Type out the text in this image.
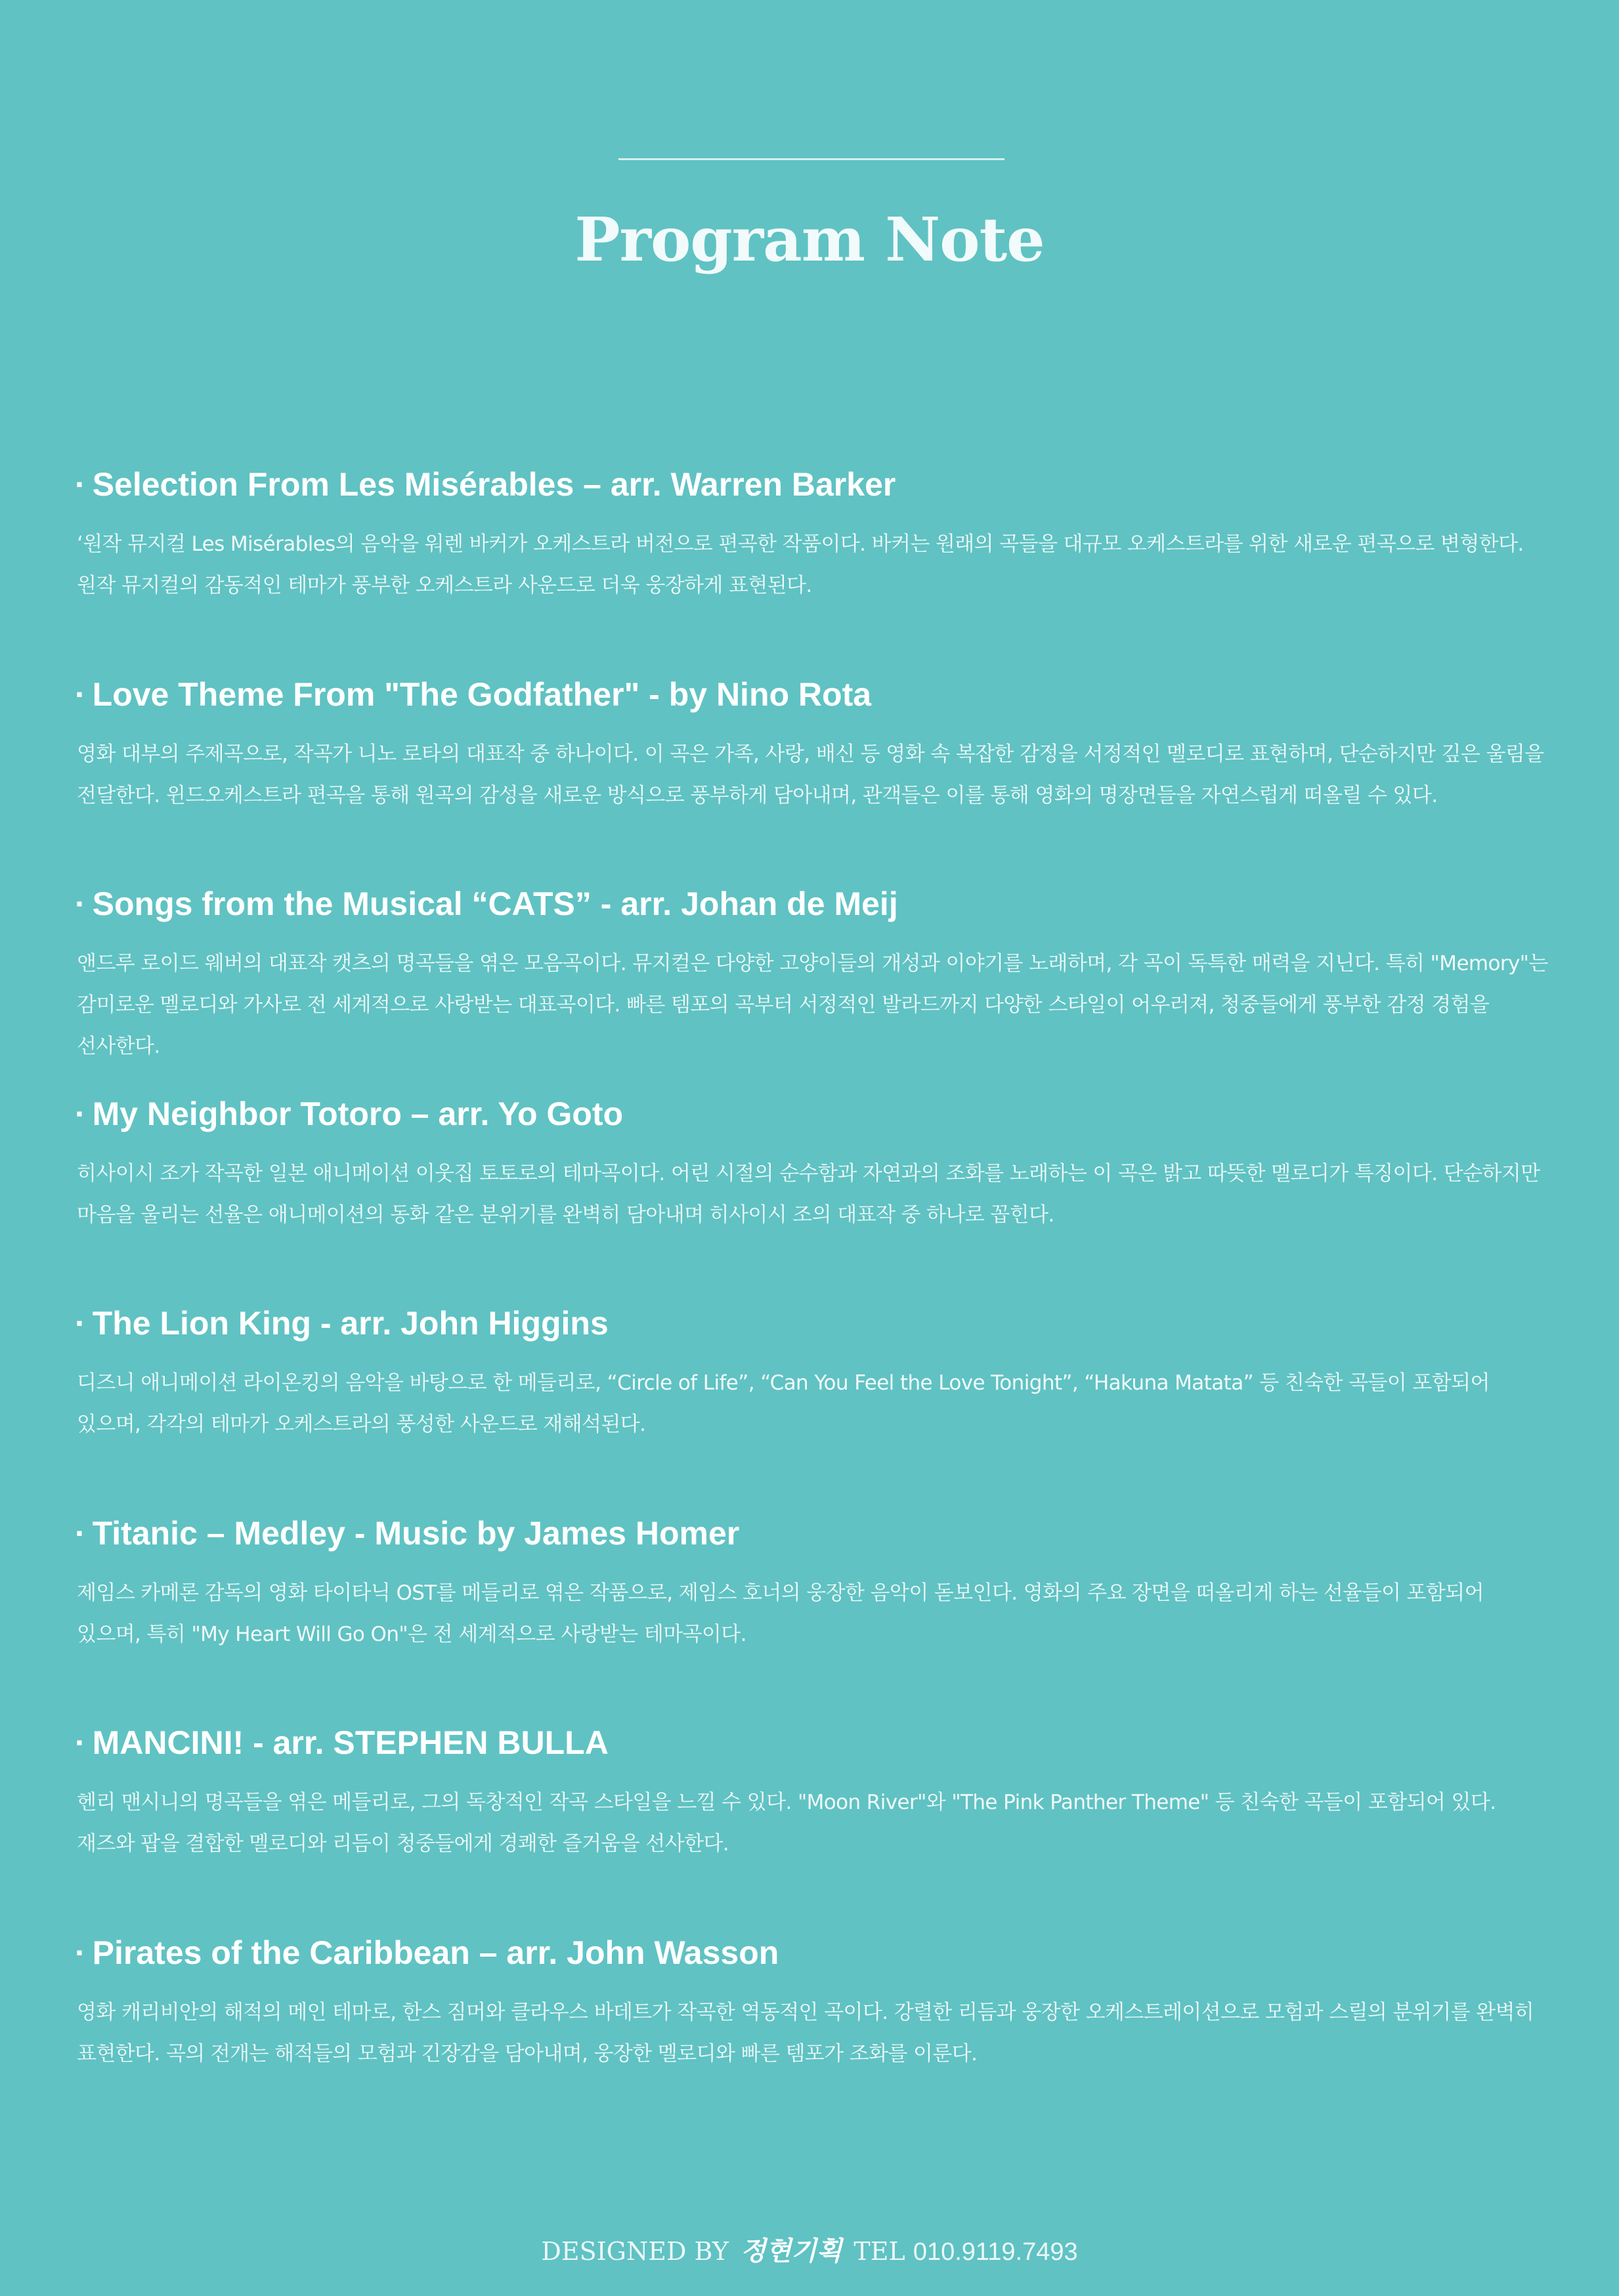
Program Note
· Selection From Les Misérables – arr. Warren Barker

‘원작 뮤지컬 Les Misérables의 음악을 워렌 바커가 오케스트라 버전으로 편곡한 작품이다. 바커는 원래의 곡들을 대규모 오케스트라를 위한 새로운 편곡으로 변형한다. 원작 뮤지컬의 감동적인 테마가 풍부한 오케스트라 사운드로 더욱 웅장하게 표현된다.

· Love Theme From "The Godfather" - by Nino Rota

영화 대부의 주제곡으로, 작곡가 니노 로타의 대표작 중 하나이다. 이 곡은 가족, 사랑, 배신 등 영화 속 복잡한 감정을 서정적인 멜로디로 표현하며, 단순하지만 깊은 울림을 전달한다. 윈드오케스트라 편곡을 통해 원곡의 감성을 새로운 방식으로 풍부하게 담아내며, 관객들은 이를 통해 영화의 명장면들을 자연스럽게 떠올릴 수 있다.

· Songs from the Musical “CATS” - arr. Johan de Meij

앤드루 로이드 웨버의 대표작 캣츠의 명곡들을 엮은 모음곡이다. 뮤지컬은 다양한 고양이들의 개성과 이야기를 노래하며, 각 곡이 독특한 매력을 지닌다. 특히 "Memory"는 감미로운 멜로디와 가사로 전 세계적으로 사랑받는 대표곡이다. 빠른 템포의 곡부터 서정적인 발라드까지 다양한 스타일이 어우러져, 청중들에게 풍부한 감정 경험을 선사한다.

· My Neighbor Totoro – arr. Yo Goto

히사이시 조가 작곡한 일본 애니메이션 이웃집 토토로의 테마곡이다. 어린 시절의 순수함과 자연과의 조화를 노래하는 이 곡은 밝고 따뜻한 멜로디가 특징이다. 단순하지만 마음을 울리는 선율은 애니메이션의 동화 같은 분위기를 완벽히 담아내며 히사이시 조의 대표작 중 하나로 꼽힌다.

· The Lion King - arr. John Higgins

디즈니 애니메이션 라이온킹의 음악을 바탕으로 한 메들리로, “Circle of Life”, “Can You Feel the Love Tonight”, “Hakuna Matata” 등 친숙한 곡들이 포함되어 있으며, 각각의 테마가 오케스트라의 풍성한 사운드로 재해석된다.

· Titanic – Medley - Music by James Homer

제임스 카메론 감독의 영화 타이타닉 OST를 메들리로 엮은 작품으로, 제임스 호너의 웅장한 음악이 돋보인다. 영화의 주요 장면을 떠올리게 하는 선율들이 포함되어 있으며, 특히 "My Heart Will Go On"은 전 세계적으로 사랑받는 테마곡이다.

· MANCINI! - arr. STEPHEN BULLA

헨리 맨시니의 명곡들을 엮은 메들리로, 그의 독창적인 작곡 스타일을 느낄 수 있다. "Moon River"와 "The Pink Panther Theme" 등 친숙한 곡들이 포함되어 있다. 재즈와 팝을 결합한 멜로디와 리듬이 청중들에게 경쾌한 즐거움을 선사한다.

· Pirates of the Caribbean – arr. John Wasson

영화 캐리비안의 해적의 메인 테마로, 한스 짐머와 클라우스 바데트가 작곡한 역동적인 곡이다. 강렬한 리듬과 웅장한 오케스트레이션으로 모험과 스릴의 분위기를 완벽히 표현한다. 곡의 전개는 해적들의 모험과 긴장감을 담아내며, 웅장한 멜로디와 빠른 템포가 조화를 이룬다.

DESIGNED BY 정현기획 TEL 010.9119.7493
